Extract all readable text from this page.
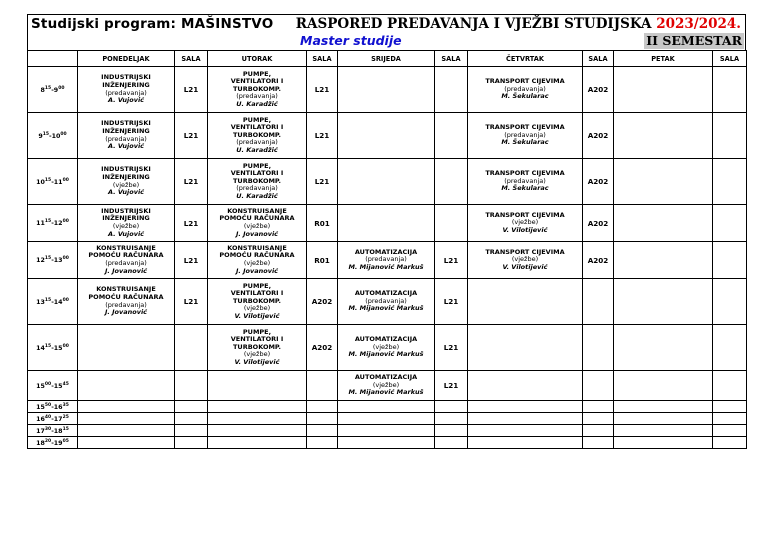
Studijski program: MAŠINSTVO RASPORED PREDAVANJA I VJEŽBI STUDIJSKA 2023/2024.
Master studije	II SEMESTAR
	PONEDELJAK	SALA	UTORAK	SALA	SRIJEDA	SALA	ČETVRTAK	SALA	PETAK	SALA
$8^{15}-9^{00}$	INDUSTRIJSKI
INŽENJERING
(predavanja)
A. Vujović	L21	PUMPE,
VENTILATORI I
TURBOKOMP.
(predavanja)
U. Karadžić	L21			TRANSPORT CIJEVIMA
(predavanja)
M. Šekularac	A202		
$9^{15}-10^{00}$	INDUSTRIJSKI
INŽENJERING
(predavanja)
A. Vujović	L21	PUMPE,
VENTILATORI I
TURBOKOMP.
(predavanja)
U. Karadžić	L21			TRANSPORT CIJEVIMA
(predavanja)
M. Šekularac	A202		
$10^{15}-11^{00}$	INDUSTRIJSKI
INŽENJERING
(vježbe)
A. Vujović	L21	PUMPE,
VENTILATORI I
TURBOKOMP.
(predavanja)
U. Karadžić	L21			TRANSPORT CIJEVIMA
(predavanja)
M. Šekularac	A202		
$11^{15}-12^{00}$	INDUSTRIJSKI
INŽENJERING
(vježbe)
A. Vujović	L21	KONSTRUISANJE
POMOĆU RAČUNARA
(vježbe)
J. Jovanović	R01			TRANSPORT CIJEVIMA
(vježbe)
V. Vilotijević	A202		
$12^{15}-13^{00}$	KONSTRUISANJE
POMOĆU RAČUNARA
(predavanja)
J. Jovanović	L21	KONSTRUISANJE
POMOĆU RAČUNARA
(vježbe)
J. Jovanović	R01	AUTOMATIZACIJA
(predavanja)
M. Mijanović Markuš	L21	TRANSPORT CIJEVIMA
(vježbe)
V. Vilotijević	A202		
$13^{15}-14^{00}$	KONSTRUISANJE
POMOĆU RAČUNARA
(predavanja)
J. Jovanović	L21	PUMPE,
VENTILATORI I
TURBOKOMP.
(vježbe)
V. Vilotijević	A202	AUTOMATIZACIJA
(predavanja)
M. Mijanović Markuš	L21				
$14^{15}-15^{00}$			PUMPE,
VENTILATORI I
TURBOKOMP.
(vježbe)
V. Vilotijević	A202	AUTOMATIZACIJA
(vježbe)
M. Mijanović Markuš	L21				
$15^{00}-15^{45}$					AUTOMATIZACIJA
(vježbe)
M. Mijanović Markuš	L21				
$15^{50}-16^{35}$										
$16^{40}-17^{25}$										
$17^{30}-18^{15}$										
$18^{20}-19^{05}$										
